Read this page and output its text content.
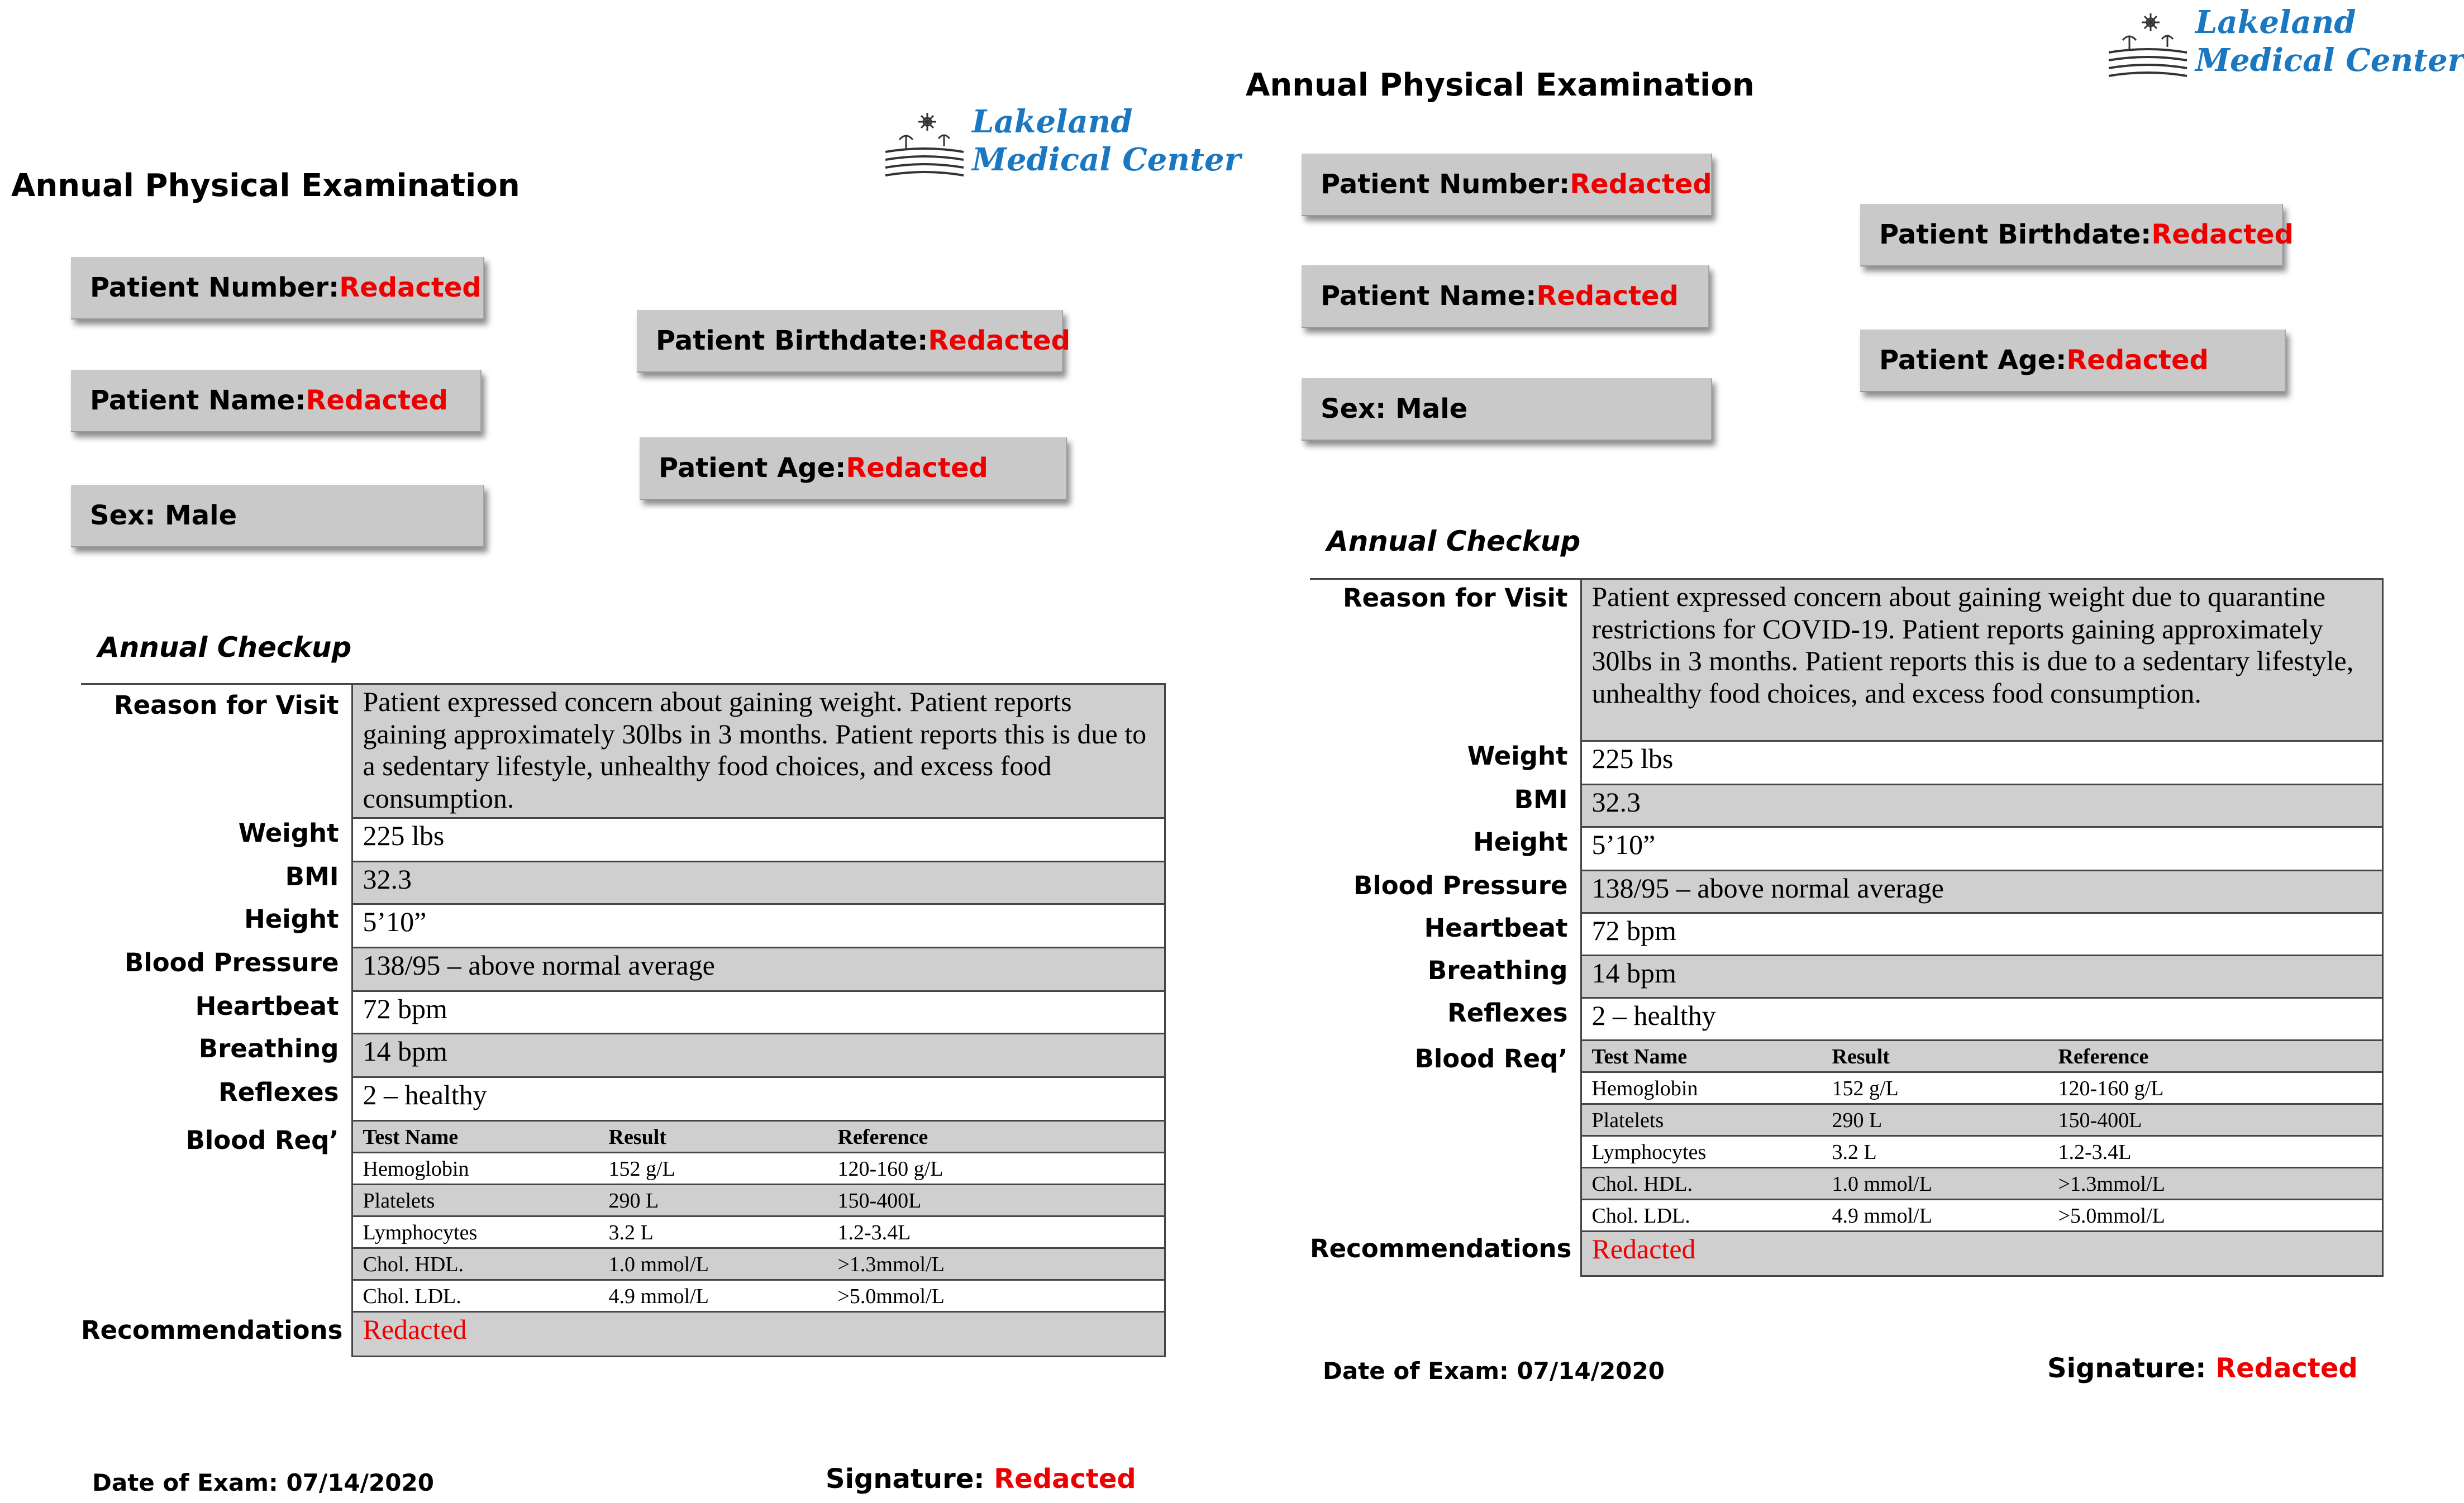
Annual Physical Examination
Lakeland
Medical Center
Patient Number: Redacted
Patient Name: Redacted
Sex: Male
Patient Birthdate: Redacted
Patient Age: Redacted
Annual Checkup
Reason for Visit	Patient expressed concern about gaining weight. Patient reports gaining approximately 30lbs in 3 months. Patient reports this is due to a sedentary lifestyle, unhealthy food choices, and excess food consumption.
Weight	225 lbs
BMI	32.3
Height	5’10”
Blood Pressure	138/95 – above normal average
Heartbeat	72 bpm
Breathing	14 bpm
Reflexes	2 – healthy
Blood Req’	Test Name	Result	Reference
Hemoglobin	152 g/L	120-160 g/L
Platelets	290 L	150-400L
Lymphocytes	3.2 L	1.2-3.4L
Chol. HDL.	1.0 mmol/L	>1.3mmol/L
Chol. LDL.	4.9 mmol/L	>5.0mmol/L

Recommendations	Redacted
Date of Exam: 07/14/2020	Signature: Redacted
Annual Physical Examination
Lakeland
Medical Center
Patient Number: Redacted
Patient Name: Redacted
Sex: Male
Patient Birthdate: Redacted
Patient Age: Redacted
Annual Checkup
Reason for Visit	Patient expressed concern about gaining weight due to quarantine restrictions for COVID-19. Patient reports gaining approximately 30lbs in 3 months. Patient reports this is due to a sedentary lifestyle, unhealthy food choices, and excess food consumption.
Weight	225 lbs
BMI	32.3
Height	5’10”
Blood Pressure	138/95 – above normal average
Heartbeat	72 bpm
Breathing	14 bpm
Reflexes	2 – healthy
Blood Req’	Test Name	Result	Reference
Hemoglobin	152 g/L	120-160 g/L
Platelets	290 L	150-400L
Lymphocytes	3.2 L	1.2-3.4L
Chol. HDL.	1.0 mmol/L	>1.3mmol/L
Chol. LDL.	4.9 mmol/L	>5.0mmol/L

Recommendations	Redacted
Date of Exam: 07/14/2020	Signature: Redacted
